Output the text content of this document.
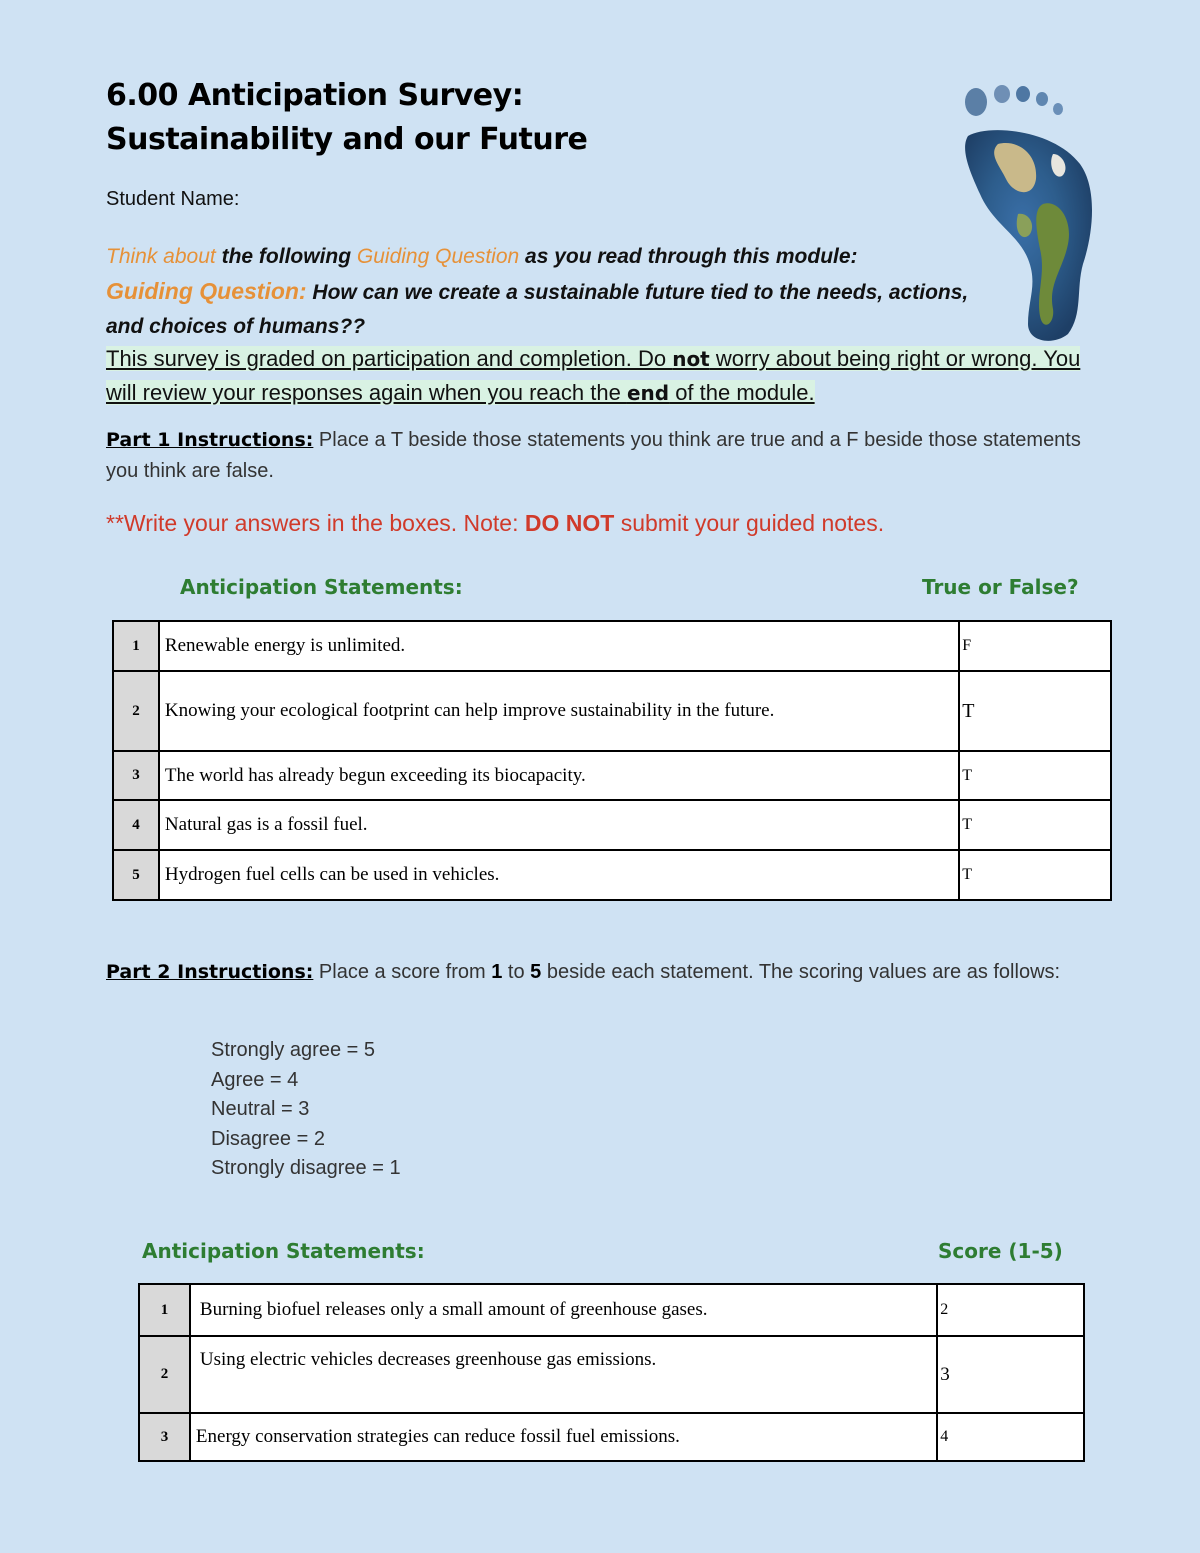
6.00 Anticipation Survey:
Sustainability and our Future
Student Name:
Think about the following Guiding Question as you read through this module:
Guiding Question: How can we create a sustainable future tied to the needs, actions, and choices of humans??
This survey is graded on participation and completion. Do not worry about being right or wrong. You will review your responses again when you reach the end of the module.
Part 1 Instructions: Place a T beside those statements you think are true and a F beside those statements you think are false.
**Write your answers in the boxes. Note: DO NOT submit your guided notes.
Anticipation Statements:	True or False?
1	Renewable energy is unlimited.	F
2	Knowing your ecological footprint can help improve sustainability in the future.	T
3	The world has already begun exceeding its biocapacity.	T
4	Natural gas is a fossil fuel.	T
5	Hydrogen fuel cells can be used in vehicles.	T
Part 2 Instructions: Place a score from 1 to 5 beside each statement. The scoring values are as follows:
Strongly agree = 5
Agree = 4
Neutral = 3
Disagree = 2
Strongly disagree = 1
Anticipation Statements:	Score (1-5)
1	Burning biofuel releases only a small amount of greenhouse gases.	2
2	Using electric vehicles decreases greenhouse gas emissions.	3
3	Energy conservation strategies can reduce fossil fuel emissions.	4
